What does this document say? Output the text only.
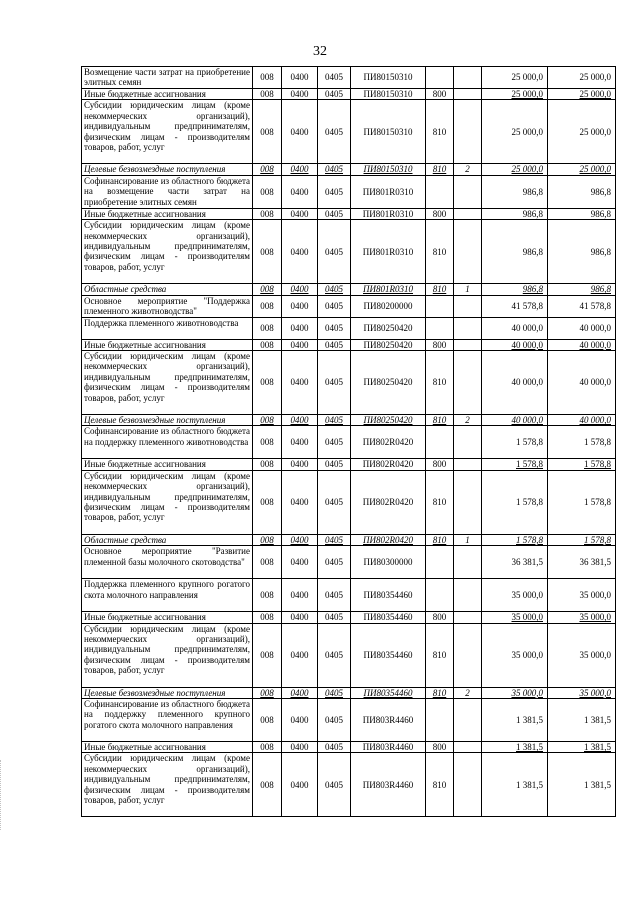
32
Возмещение части затрат на приобретение элитных семян	008	0400	0405	ПИ80150310			25 000,0	25 000,0
Иные бюджетные ассигнования	008	0400	0405	ПИ80150310	800		25 000,0	25 000,0
Субсидии юридическим лицам (кроме некоммерческих организаций), индивидуальным предпринимателям, физическим лицам - производителям товаров, работ, услуг	008	0400	0405	ПИ80150310	810		25 000,0	25 000,0
Целевые безвозмездные поступления	008	0400	0405	ПИ80150310	810	2	25 000,0	25 000,0
Софинансирование из областного бюджета на возмещение части затрат на приобретение элитных семян	008	0400	0405	ПИ801R0310			986,8	986,8
Иные бюджетные ассигнования	008	0400	0405	ПИ801R0310	800		986,8	986,8
Субсидии юридическим лицам (кроме некоммерческих организаций), индивидуальным предпринимателям, физическим лицам - производителям товаров, работ, услуг	008	0400	0405	ПИ801R0310	810		986,8	986,8
Областные средства	008	0400	0405	ПИ801R0310	810	1	986,8	986,8
Основное мероприятие "Поддержка племенного животноводства"	008	0400	0405	ПИ80200000			41 578,8	41 578,8
Поддержка племенного животноводства	008	0400	0405	ПИ80250420			40 000,0	40 000,0
Иные бюджетные ассигнования	008	0400	0405	ПИ80250420	800		40 000,0	40 000,0
Субсидии юридическим лицам (кроме некоммерческих организаций), индивидуальным предпринимателям, физическим лицам - производителям товаров, работ, услуг	008	0400	0405	ПИ80250420	810		40 000,0	40 000,0
Целевые безвозмездные поступления	008	0400	0405	ПИ80250420	810	2	40 000,0	40 000,0
Софинансирование из областного бюджета на поддержку племенного животноводства	008	0400	0405	ПИ802R0420			1 578,8	1 578,8
Иные бюджетные ассигнования	008	0400	0405	ПИ802R0420	800		1 578,8	1 578,8
Субсидии юридическим лицам (кроме некоммерческих организаций), индивидуальным предпринимателям, физическим лицам - производителям товаров, работ, услуг	008	0400	0405	ПИ802R0420	810		1 578,8	1 578,8
Областные средства	008	0400	0405	ПИ802R0420	810	1	1 578,8	1 578,8
Основное мероприятие "Развитие племенной базы молочного скотоводства"	008	0400	0405	ПИ80300000			36 381,5	36 381,5
Поддержка племенного крупного рогатого скота молочного направления	008	0400	0405	ПИ80354460			35 000,0	35 000,0
Иные бюджетные ассигнования	008	0400	0405	ПИ80354460	800		35 000,0	35 000,0
Субсидии юридическим лицам (кроме некоммерческих организаций), индивидуальным предпринимателям, физическим лицам - производителям товаров, работ, услуг	008	0400	0405	ПИ80354460	810		35 000,0	35 000,0
Целевые безвозмездные поступления	008	0400	0405	ПИ80354460	810	2	35 000,0	35 000,0
Софинансирование из областного бюджета на поддержку племенного крупного рогатого скота молочного направления	008	0400	0405	ПИ803R4460			1 381,5	1 381,5
Иные бюджетные ассигнования	008	0400	0405	ПИ803R4460	800		1 381,5	1 381,5
Субсидии юридическим лицам (кроме некоммерческих организаций), индивидуальным предпринимателям, физическим лицам - производителям товаров, работ, услуг	008	0400	0405	ПИ803R4460	810		1 381,5	1 381,5
